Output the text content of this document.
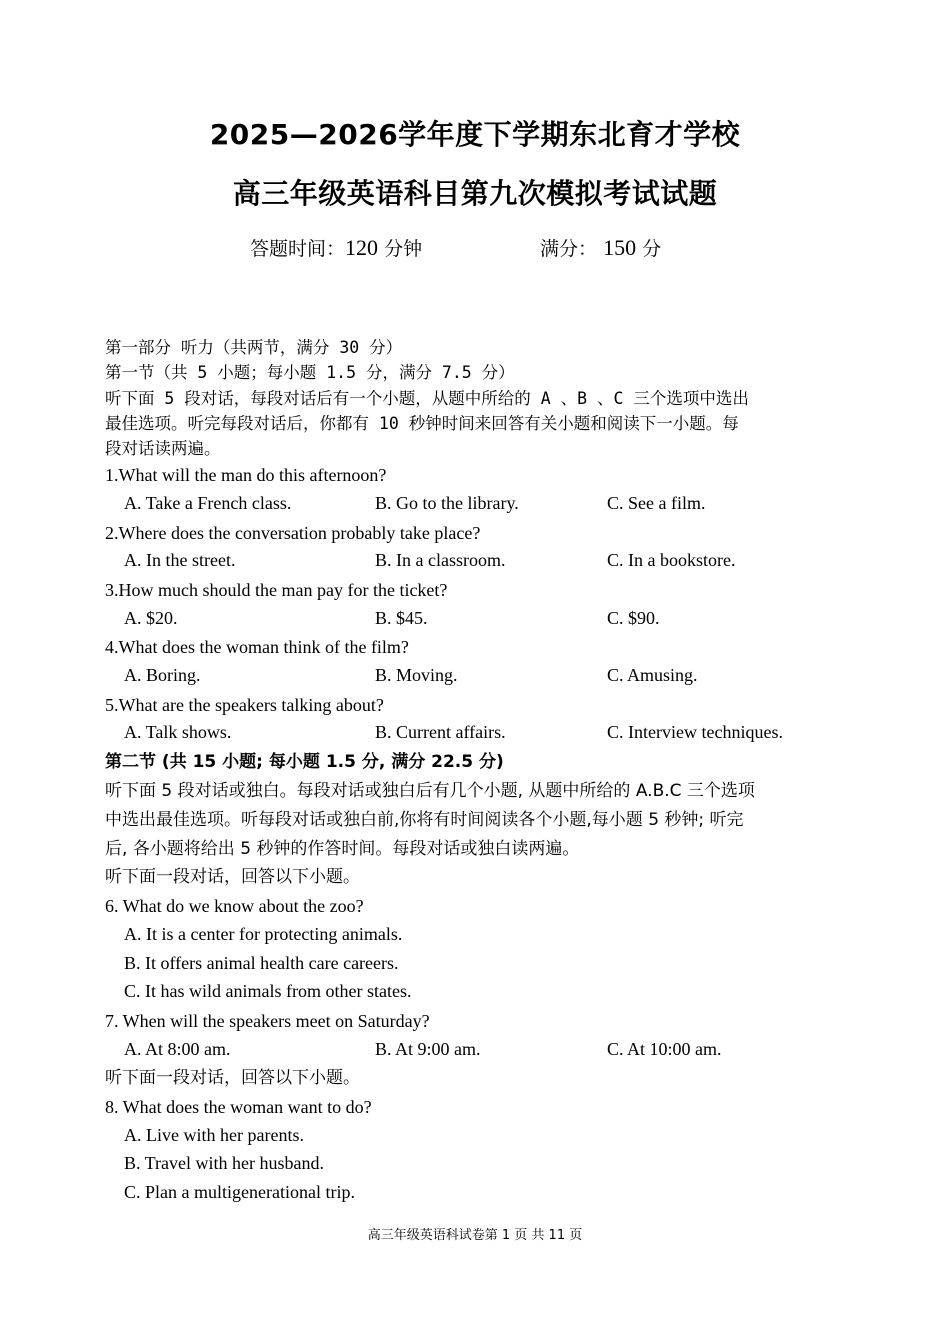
2025—2026学年度下学期东北育才学校
高三年级英语科目第九次模拟考试试题
答题时间：120 分钟	满分： 150 分
第一部分 听力（共两节，满分 30 分）
第一节（共 5 小题；每小题 1.5 分，满分 7.5 分）
听下面 5 段对话，每段对话后有一个小题，从题中所给的 A 、B 、C 三个选项中选出
最佳选项。听完每段对话后，你都有 10 秒钟时间来回答有关小题和阅读下一小题。每
段对话读两遍。
1.What will the man do this afternoon?
A. Take a French class.	B. Go to the library.	C. See a film.
2.Where does the conversation probably take place?
A. In the street.	B. In a classroom.	C. In a bookstore.
3.How much should the man pay for the ticket?
A. $20.	B. $45.	C. $90.
4.What does the woman think of the film?
A. Boring.	B. Moving.	C. Amusing.
5.What are the speakers talking about?
A. Talk shows.	B. Current affairs.	C. Interview techniques.
第二节 (共 15 小题; 每小题 1.5 分, 满分 22.5 分)
听下面 5 段对话或独白。每段对话或独白后有几个小题, 从题中所给的 A.B.C 三个选项
中选出最佳选项。听每段对话或独白前,你将有时间阅读各个小题,每小题 5 秒钟; 听完
后, 各小题将给出 5 秒钟的作答时间。每段对话或独白读两遍。
听下面一段对话，回答以下小题。
6. What do we know about the zoo?
A. It is a center for protecting animals.
B. It offers animal health care careers.
C. It has wild animals from other states.
7. When will the speakers meet on Saturday?
A. At 8:00 am.	B. At 9:00 am.	C. At 10:00 am.
听下面一段对话，回答以下小题。
8. What does the woman want to do?
A. Live with her parents.
B. Travel with her husband.
C. Plan a multigenerational trip.
高三年级英语科试卷第 1 页 共 11 页
